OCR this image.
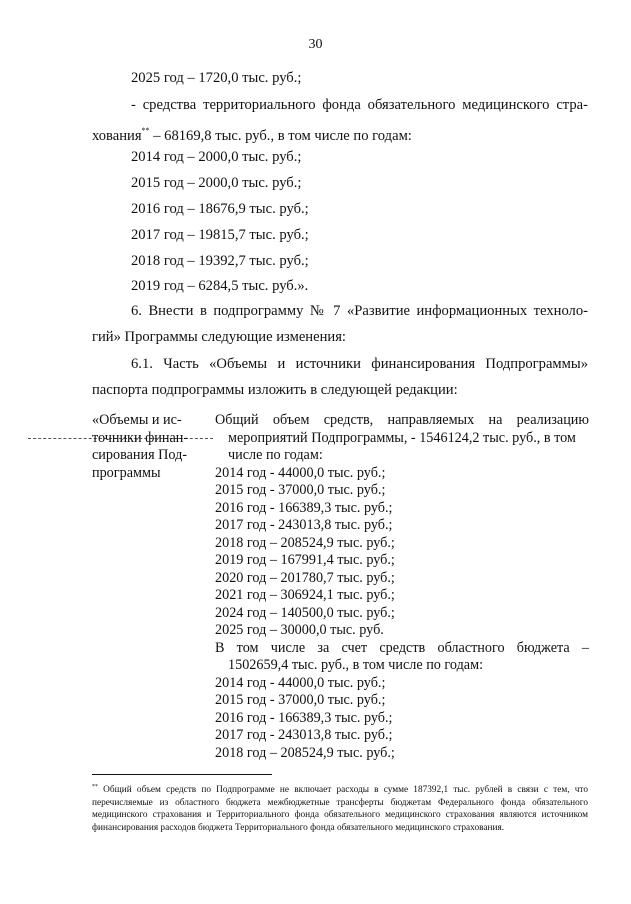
30
2025 год – 1720,0 тыс. руб.;
- средства территориального фонда обязательного медицинского стра-
хования** – 68169,8 тыс. руб., в том числе по годам:
2014 год – 2000,0 тыс. руб.;
2015 год – 2000,0 тыс. руб.;
2016 год – 18676,9 тыс. руб.;
2017 год – 19815,7 тыс. руб.;
2018 год – 19392,7 тыс. руб.;
2019 год – 6284,5 тыс. руб.».
6. Внести в подпрограмму № 7 «Развитие информационных техноло-
гий» Программы следующие изменения:
6.1. Часть «Объемы и источники финансирования Подпрограммы»
паспорта подпрограммы изложить в следующей редакции:
«Объемы и ис-
точники финан-
сирования Под-
программы
Общий объем средств, направляемых на реализацию
мероприятий Подпрограммы, - 1546124,2 тыс. руб., в том
числе по годам:
2014 год - 44000,0 тыс. руб.;
2015 год - 37000,0 тыс. руб.;
2016 год - 166389,3 тыс. руб.;
2017 год - 243013,8 тыс. руб.;
2018 год – 208524,9 тыс. руб.;
2019 год – 167991,4 тыс. руб.;
2020 год – 201780,7 тыс. руб.;
2021 год – 306924,1 тыс. руб.;
2024 год – 140500,0 тыс. руб.;
2025 год – 30000,0 тыс. руб.
В том числе за счет средств областного бюджета –
1502659,4 тыс. руб., в том числе по годам:
2014 год - 44000,0 тыс. руб.;
2015 год - 37000,0 тыс. руб.;
2016 год - 166389,3 тыс. руб.;
2017 год - 243013,8 тыс. руб.;
2018 год – 208524,9 тыс. руб.;
** Общий объем средств по Подпрограмме не включает расходы в сумме 187392,1 тыс. рублей в связи с тем, что перечисляемые из областного бюджета межбюджетные трансферты бюджетам Федерального фонда обязательного медицинского страхования и Территориального фонда обязательного медицинского страхования являются источником финансирования расходов бюджета Территориального фонда обязательного медицинского страхования.
